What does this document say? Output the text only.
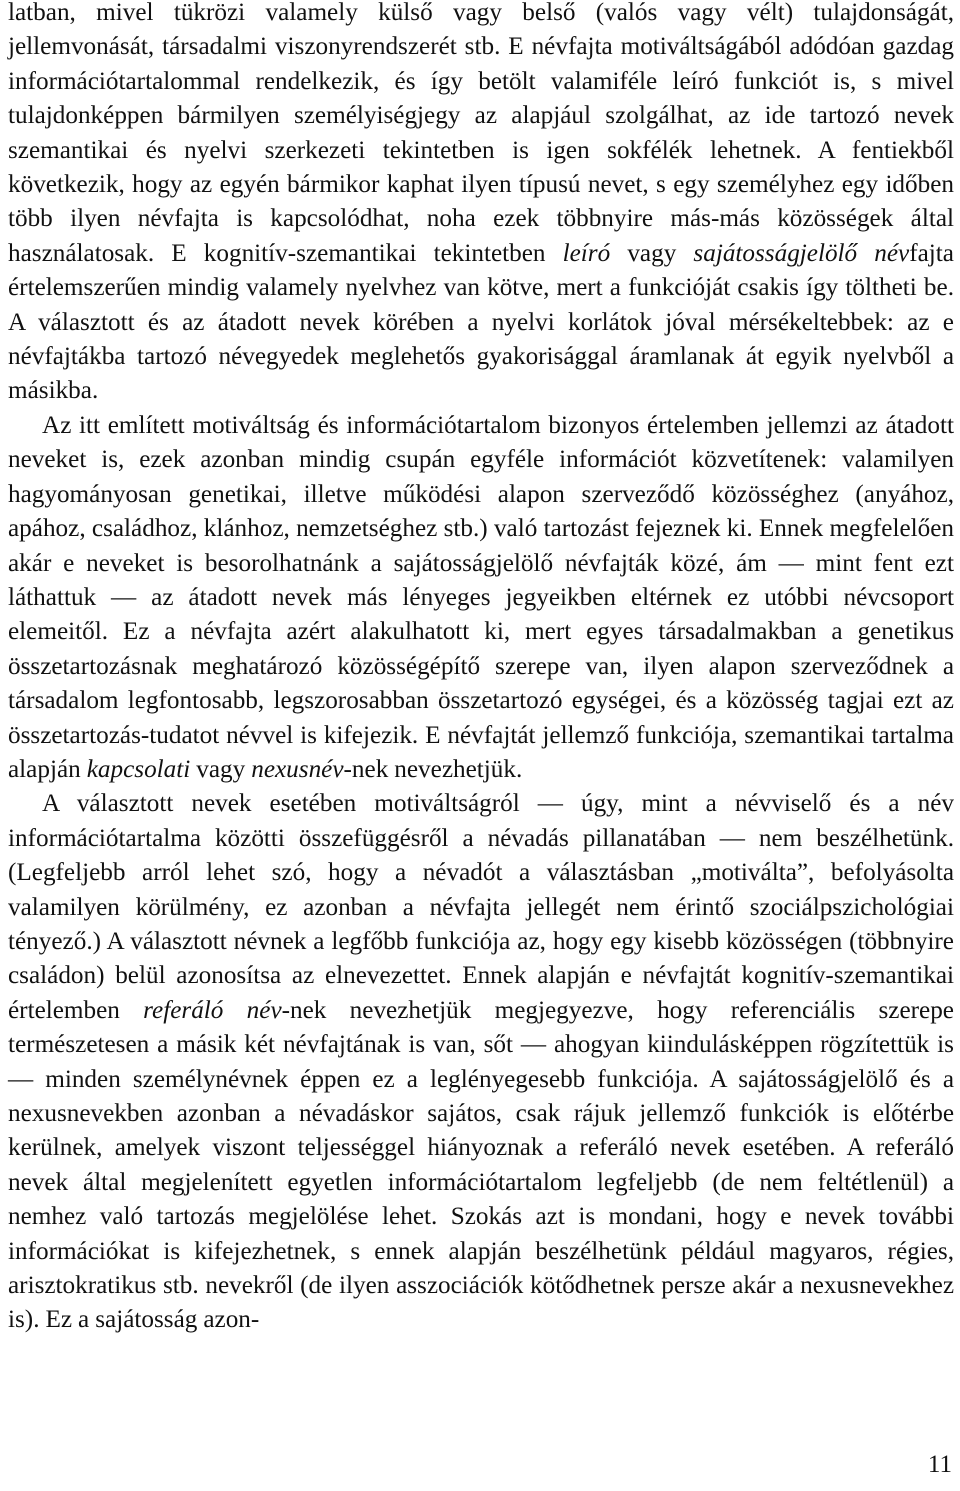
latban, mivel tükrözi valamely külső vagy belső (valós vagy vélt) tulajdonságát, jellemvonását, társadalmi viszonyrendszerét stb. E névfajta motiváltságából adódóan gazdag információtartalommal rendelkezik, és így betölt valamiféle leíró funkciót is, s mivel tulajdonképpen bármilyen személyiségjegy az alapjául szolgálhat, az ide tartozó nevek szemantikai és nyelvi szerkezeti tekintetben is igen sokfélék lehetnek. A fentiekből következik, hogy az egyén bármikor kaphat ilyen típusú nevet, s egy személyhez egy időben több ilyen névfajta is kapcsolódhat, noha ezek többnyire más-más közösségek által használatosak. E kognitív-szemantikai tekintetben leíró vagy sajátosságjelölő névfajta értelemszerűen mindig valamely nyelvhez van kötve, mert a funkcióját csakis így töltheti be. A választott és az átadott nevek körében a nyelvi korlátok jóval mérsékeltebbek: az e névfajtákba tartozó névegyedek meglehetős gyakorisággal áramlanak át egyik nyelvből a másikba.

Az itt említett motiváltság és információtartalom bizonyos értelemben jellemzi az átadott neveket is, ezek azonban mindig csupán egyféle információt közvetítenek: valamilyen hagyományosan genetikai, illetve működési alapon szerveződő közösséghez (anyához, apához, családhoz, klánhoz, nemzetséghez stb.) való tartozást fejeznek ki. Ennek megfelelően akár e neveket is besorolhatnánk a sajátosságjelölő névfajták közé, ám — mint fent ezt láthattuk — az átadott nevek más lényeges jegyeikben eltérnek ez utóbbi névcsoport elemeitől. Ez a névfajta azért alakulhatott ki, mert egyes társadalmakban a genetikus összetartozásnak meghatározó közösségépítő szerepe van, ilyen alapon szerveződnek a társadalom legfontosabb, legszorosabban összetartozó egységei, és a közösség tagjai ezt az összetartozás-tudatot névvel is kifejezik. E névfajtát jellemző funkciója, szemantikai tartalma alapján kapcsolati vagy nexusnév-nek nevezhetjük.

A választott nevek esetében motiváltságról — úgy, mint a névviselő és a név információtartalma közötti összefüggésről a névadás pillanatában — nem beszélhetünk. (Legfeljebb arról lehet szó, hogy a névadót a választásban „motiválta”, befolyásolta valamilyen körülmény, ez azonban a névfajta jellegét nem érintő szociálpszichológiai tényező.) A választott névnek a legfőbb funkciója az, hogy egy kisebb közösségen (többnyire családon) belül azonosítsa az elnevezettet. Ennek alapján e névfajtát kognitív-szemantikai értelemben referáló név-nek nevezhetjük megjegyezve, hogy referenciális szerepe természetesen a másik két névfajtának is van, sőt — ahogyan kiindulásképpen rögzítettük is — minden személynévnek éppen ez a leglényegesebb funkciója. A sajátosságjelölő és a nexusnevekben azonban a névadáskor sajátos, csak rájuk jellemző funkciók is előtérbe kerülnek, amelyek viszont teljességgel hiányoznak a referáló nevek esetében. A referáló nevek által megjelenített egyetlen információtartalom legfeljebb (de nem feltétlenül) a nemhez való tartozás megjelölése lehet. Szokás azt is mondani, hogy e nevek további információkat is kifejezhetnek, s ennek alapján beszélhetünk például magyaros, régies, arisztokratikus stb. nevekről (de ilyen asszociációk kötődhetnek persze akár a nexusnevekhez is). Ez a sajátosság azon-

11
